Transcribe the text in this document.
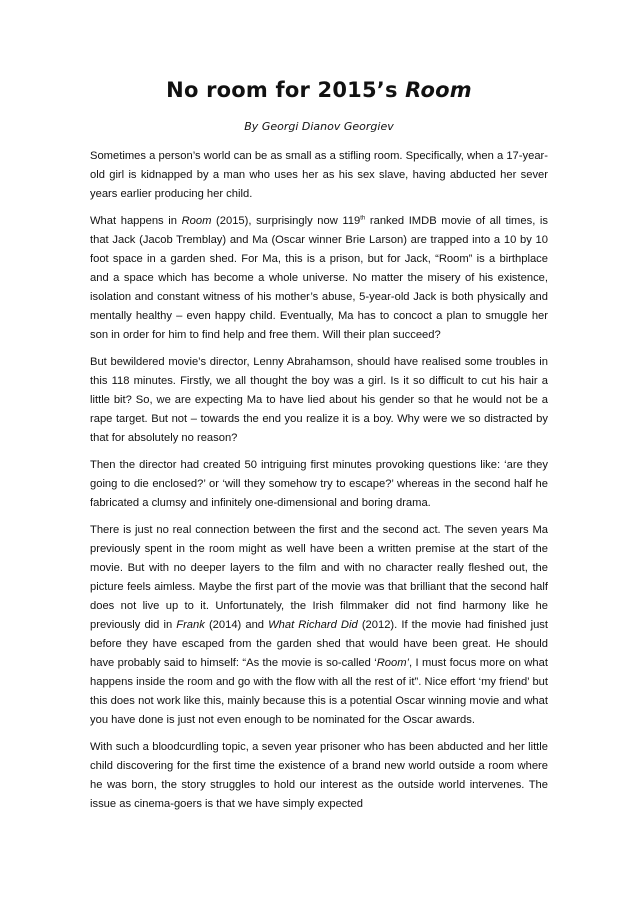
No room for 2015’s Room
By Georgi Dianov Georgiev

Sometimes a person’s world can be as small as a stifling room. Specifically, when a 17-year-old girl is kidnapped by a man who uses her as his sex slave, having abducted her sever years earlier producing her child.

What happens in Room (2015), surprisingly now 119th ranked IMDB movie of all times, is that Jack (Jacob Tremblay) and Ma (Oscar winner Brie Larson) are trapped into a 10 by 10 foot space in a garden shed. For Ma, this is a prison, but for Jack, “Room” is a birthplace and a space which has become a whole universe. No matter the misery of his existence, isolation and constant witness of his mother’s abuse, 5-year-old Jack is both physically and mentally healthy – even happy child. Eventually, Ma has to concoct a plan to smuggle her son in order for him to find help and free them. Will their plan succeed?

But bewildered movie’s director, Lenny Abrahamson, should have realised some troubles in this 118 minutes. Firstly, we all thought the boy was a girl. Is it so difficult to cut his hair a little bit? So, we are expecting Ma to have lied about his gender so that he would not be a rape target. But not – towards the end you realize it is a boy. Why were we so distracted by that for absolutely no reason?

Then the director had created 50 intriguing first minutes provoking questions like: ‘are they going to die enclosed?’ or ‘will they somehow try to escape?’ whereas in the second half he fabricated a clumsy and infinitely one-dimensional and boring drama.

There is just no real connection between the first and the second act. The seven years Ma previously spent in the room might as well have been a written premise at the start of the movie. But with no deeper layers to the film and with no character really fleshed out, the picture feels aimless. Maybe the first part of the movie was that brilliant that the second half does not live up to it. Unfortunately, the Irish filmmaker did not find harmony like he previously did in Frank (2014) and What Richard Did (2012). If the movie had finished just before they have escaped from the garden shed that would have been great. He should have probably said to himself: “As the movie is so-called ‘Room’, I must focus more on what happens inside the room and go with the flow with all the rest of it”. Nice effort ‘my friend’ but this does not work like this, mainly because this is a potential Oscar winning movie and what you have done is just not even enough to be nominated for the Oscar awards.

With such a bloodcurdling topic, a seven year prisoner who has been abducted and her little child discovering for the first time the existence of a brand new world outside a room where he was born, the story struggles to hold our interest as the outside world intervenes. The issue as cinema-goers is that we have simply expected
